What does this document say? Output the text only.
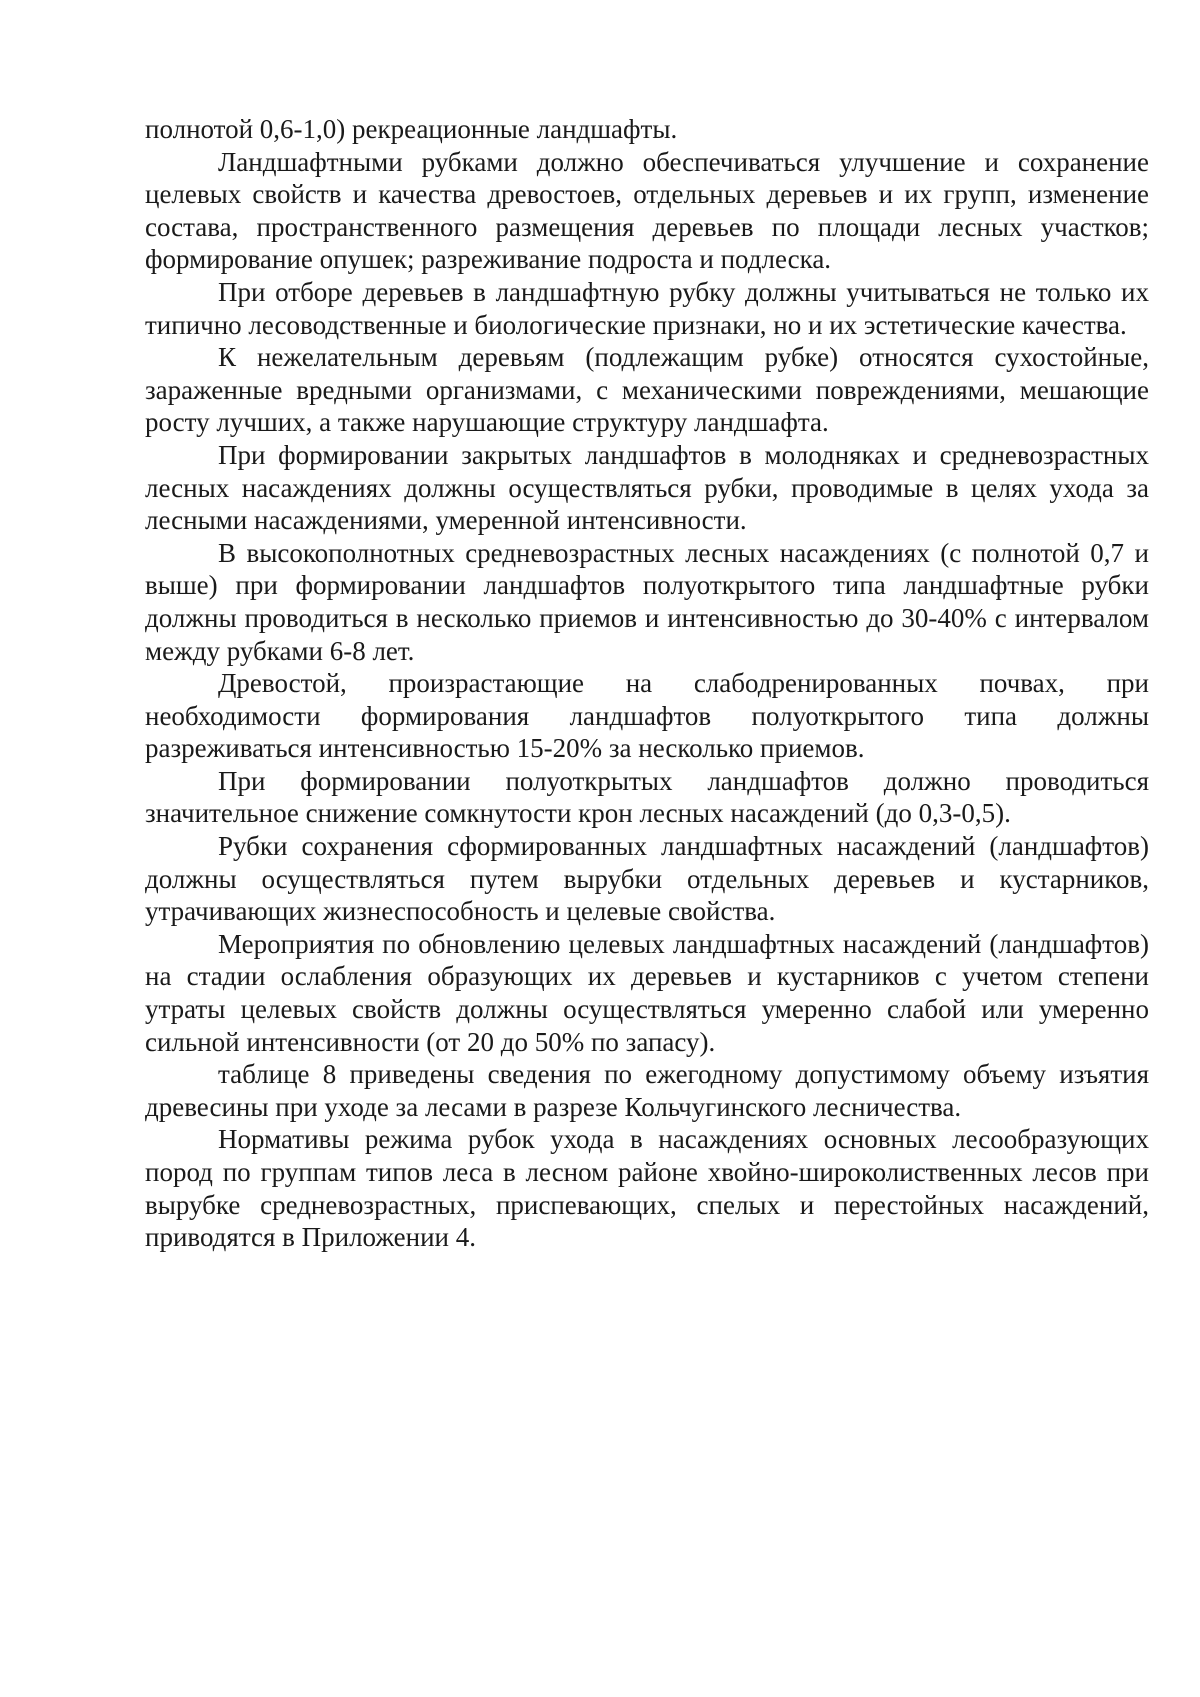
полнотой 0,6-1,0) рекреационные ландшафты.

Ландшафтными рубками должно обеспечиваться улучшение и сохранение целевых свойств и качества древостоев, отдельных деревьев и их групп, изменение состава, пространственного размещения деревьев по площади лесных участков; формирование опушек; разреживание подроста и подлеска.

При отборе деревьев в ландшафтную рубку должны учитываться не только их типично лесоводственные и биологические признаки, но и их эстетические качества.

К нежелательным деревьям (подлежащим рубке) относятся сухостойные, зараженные вредными организмами, с механическими повреждениями, мешающие росту лучших, а также нарушающие структуру ландшафта.

При формировании закрытых ландшафтов в молодняках и средневозрастных лесных насаждениях должны осуществляться рубки, проводимые в целях ухода за лесными насаждениями, умеренной интенсивности.

В высокополнотных средневозрастных лесных насаждениях (с полнотой 0,7 и выше) при формировании ландшафтов полуоткрытого типа ландшафтные рубки должны проводиться в несколько приемов и интенсивностью до 30-40% с интервалом между рубками 6-8 лет.

Древостой, произрастающие на слабодренированных почвах, при необходимости формирования ландшафтов полуоткрытого типа должны разреживаться интенсивностью 15-20% за несколько приемов.

При формировании полуоткрытых ландшафтов должно проводиться значительное снижение сомкнутости крон лесных насаждений (до 0,3-0,5).

Рубки сохранения сформированных ландшафтных насаждений (ландшафтов) должны осуществляться путем вырубки отдельных деревьев и кустарников, утрачивающих жизнеспособность и целевые свойства.

Мероприятия по обновлению целевых ландшафтных насаждений (ландшафтов) на стадии ослабления образующих их деревьев и кустарников с учетом степени утраты целевых свойств должны осуществляться умеренно слабой или умеренно сильной интенсивности (от 20 до 50% по запасу).

таблице 8 приведены сведения по ежегодному допустимому объему изъятия древесины при уходе за лесами в разрезе Кольчугинского лесничества.

Нормативы режима рубок ухода в насаждениях основных лесообразующих пород по группам типов леса в лесном районе хвойно-широколиственных лесов при вырубке средневозрастных, приспевающих, спелых и перестойных насаждений, приводятся в Приложении 4.
